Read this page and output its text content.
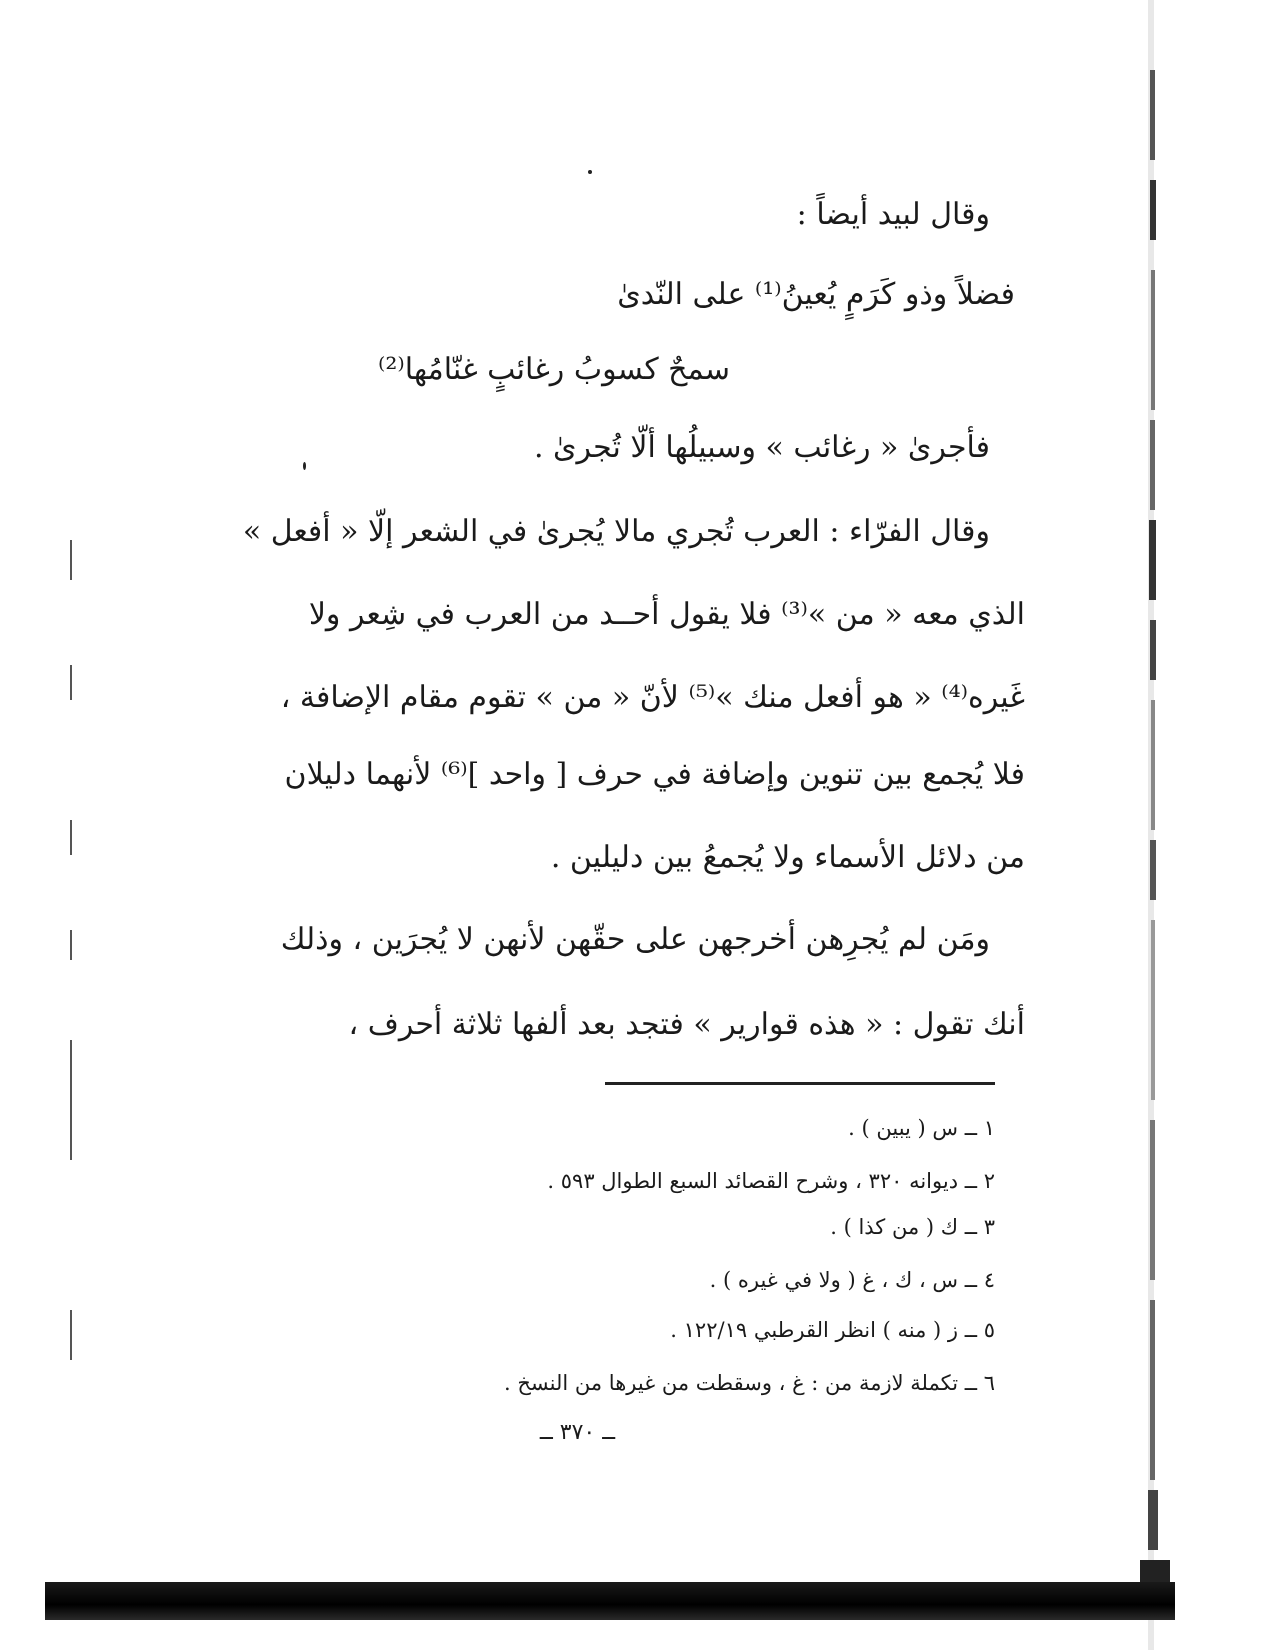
وقال لبيد أيضاً :
فضلاً وذو كَرَمٍ يُعينُ⁽¹⁾ على النّدىٰ
سمحٌ كسوبُ رغائبٍ غنّامُها⁽²⁾
فأجرىٰ « رغائب » وسبيلُها ألّا تُجرىٰ .
وقال الفرّاء : العرب تُجري مالا يُجرىٰ في الشعر إلّا « أفعل »
الذي معه « من »⁽³⁾ فلا يقول أحــد من العرب في شِعر ولا
غَيره⁽⁴⁾ « هو أفعل منك »⁽⁵⁾ لأنّ « من » تقوم مقام الإضافة ،
فلا يُجمع بين تنوين وإضافة في حرف [ واحد ]⁽⁶⁾ لأنهما دليلان
من دلائل الأسماء ولا يُجمعُ بين دليلين .
ومَن لم يُجرِهن أخرجهن على حقّهن لأنهن لا يُجرَين ، وذلك
أنك تقول : « هذه قوارير » فتجد بعد ألفها ثلاثة أحرف ،
١ ــ س ( يبين ) .
٢ ــ ديوانه ٣٢٠ ، وشرح القصائد السبع الطوال ٥٩٣ .
٣ ــ ك ( من كذا ) .
٤ ــ س ، ك ، غ ( ولا في غيره ) .
٥ ــ ز ( منه ) انظر القرطبي ١٢٢/١٩ .
٦ ــ تكملة لازمة من : غ ، وسقطت من غيرها من النسخ .
ــ ٣٧٠ ــ
